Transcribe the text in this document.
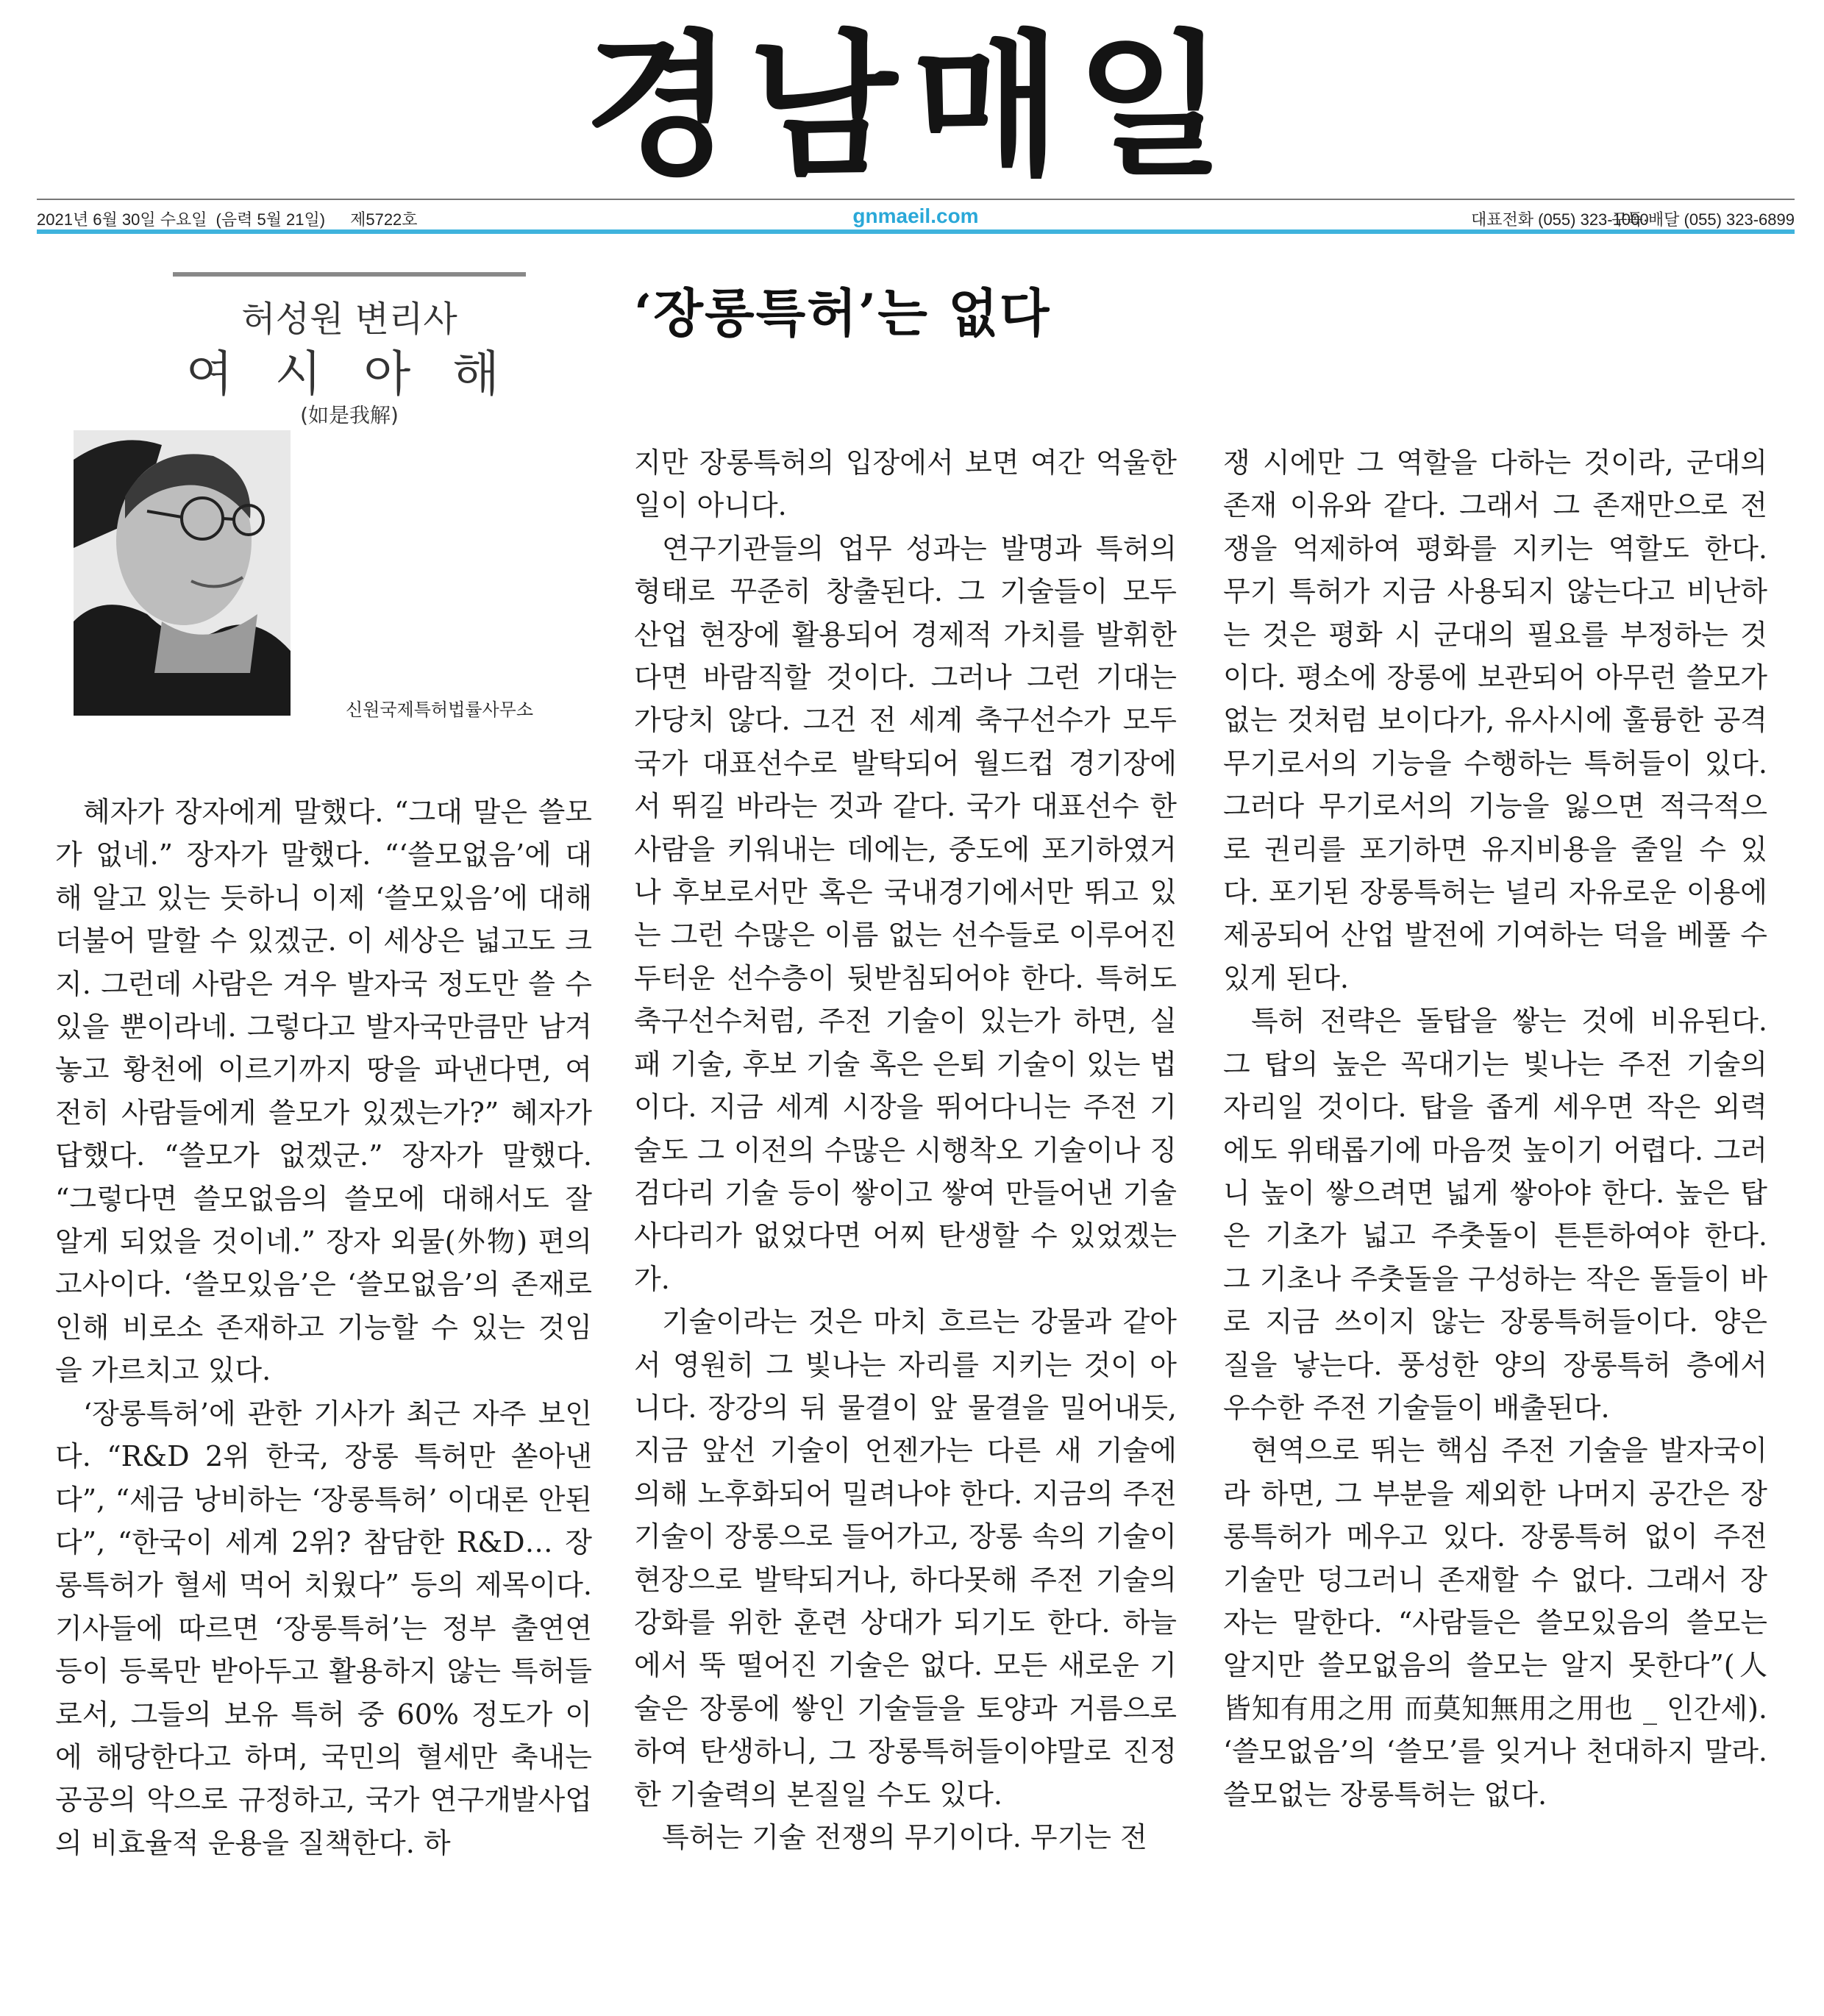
경남매일
2021년 6월 30일 수요일 (음력 5월 21일) 제5722호	gnmaeil.com	대표전화 (055) 323-1000
구독·배달 (055) 323-6899
허성원 변리사
여 시 아 해
(如是我解)
신원국제특허법률사무소
‘장롱특허’는 없다

혜자가 장자에게 말했다. “그대 말은 쓸모가 없네.” 장자가 말했다. “‘쓸모없음’에 대해 알고 있는 듯하니 이제 ‘쓸모있음’에 대해 더불어 말할 수 있겠군. 이 세상은 넓고도 크지. 그런데 사람은 겨우 발자국 정도만 쓸 수 있을 뿐이라네. 그렇다고 발자국만큼만 남겨놓고 황천에 이르기까지 땅을 파낸다면, 여전히 사람들에게 쓸모가 있겠는가?” 혜자가 답했다. “쓸모가 없겠군.” 장자가 말했다. “그렇다면 쓸모없음의 쓸모에 대해서도 잘 알게 되었을 것이네.” 장자 외물(外物) 편의 고사이다. ‘쓸모있음’은 ‘쓸모없음’의 존재로 인해 비로소 존재하고 기능할 수 있는 것임을 가르치고 있다.

‘장롱특허’에 관한 기사가 최근 자주 보인다. “R&D 2위 한국, 장롱 특허만 쏟아낸다”, “세금 낭비하는 ‘장롱특허’ 이대론 안된다”, “한국이 세계 2위? 참담한 R&D… 장롱특허가 혈세 먹어 치웠다” 등의 제목이다. 기사들에 따르면 ‘장롱특허’는 정부 출연연 등이 등록만 받아두고 활용하지 않는 특허들로서, 그들의 보유 특허 중 60% 정도가 이에 해당한다고 하며, 국민의 혈세만 축내는 공공의 악으로 규정하고, 국가 연구개발사업의 비효율적 운용을 질책한다. 하

지만 장롱특허의 입장에서 보면 여간 억울한 일이 아니다.

연구기관들의 업무 성과는 발명과 특허의 형태로 꾸준히 창출된다. 그 기술들이 모두 산업 현장에 활용되어 경제적 가치를 발휘한다면 바람직할 것이다. 그러나 그런 기대는 가당치 않다. 그건 전 세계 축구선수가 모두 국가 대표선수로 발탁되어 월드컵 경기장에서 뛰길 바라는 것과 같다. 국가 대표선수 한 사람을 키워내는 데에는, 중도에 포기하였거나 후보로서만 혹은 국내경기에서만 뛰고 있는 그런 수많은 이름 없는 선수들로 이루어진 두터운 선수층이 뒷받침되어야 한다. 특허도 축구선수처럼, 주전 기술이 있는가 하면, 실패 기술, 후보 기술 혹은 은퇴 기술이 있는 법이다. 지금 세계 시장을 뛰어다니는 주전 기술도 그 이전의 수많은 시행착오 기술이나 징검다리 기술 등이 쌓이고 쌓여 만들어낸 기술 사다리가 없었다면 어찌 탄생할 수 있었겠는가.

기술이라는 것은 마치 흐르는 강물과 같아서 영원히 그 빛나는 자리를 지키는 것이 아니다. 장강의 뒤 물결이 앞 물결을 밀어내듯, 지금 앞선 기술이 언젠가는 다른 새 기술에 의해 노후화되어 밀려나야 한다. 지금의 주전 기술이 장롱으로 들어가고, 장롱 속의 기술이 현장으로 발탁되거나, 하다못해 주전 기술의 강화를 위한 훈련 상대가 되기도 한다. 하늘에서 뚝 떨어진 기술은 없다. 모든 새로운 기술은 장롱에 쌓인 기술들을 토양과 거름으로 하여 탄생하니, 그 장롱특허들이야말로 진정한 기술력의 본질일 수도 있다.

특허는 기술 전쟁의 무기이다. 무기는 전

쟁 시에만 그 역할을 다하는 것이라, 군대의 존재 이유와 같다. 그래서 그 존재만으로 전쟁을 억제하여 평화를 지키는 역할도 한다. 무기 특허가 지금 사용되지 않는다고 비난하는 것은 평화 시 군대의 필요를 부정하는 것이다. 평소에 장롱에 보관되어 아무런 쓸모가 없는 것처럼 보이다가, 유사시에 훌륭한 공격 무기로서의 기능을 수행하는 특허들이 있다. 그러다 무기로서의 기능을 잃으면 적극적으로 권리를 포기하면 유지비용을 줄일 수 있다. 포기된 장롱특허는 널리 자유로운 이용에 제공되어 산업 발전에 기여하는 덕을 베풀 수 있게 된다.

특허 전략은 돌탑을 쌓는 것에 비유된다. 그 탑의 높은 꼭대기는 빛나는 주전 기술의 자리일 것이다. 탑을 좁게 세우면 작은 외력에도 위태롭기에 마음껏 높이기 어렵다. 그러니 높이 쌓으려면 넓게 쌓아야 한다. 높은 탑은 기초가 넓고 주춧돌이 튼튼하여야 한다. 그 기초나 주춧돌을 구성하는 작은 돌들이 바로 지금 쓰이지 않는 장롱특허들이다. 양은 질을 낳는다. 풍성한 양의 장롱특허 층에서 우수한 주전 기술들이 배출된다.

현역으로 뛰는 핵심 주전 기술을 발자국이라 하면, 그 부분을 제외한 나머지 공간은 장롱특허가 메우고 있다. 장롱특허 없이 주전 기술만 덩그러니 존재할 수 없다. 그래서 장자는 말한다. “사람들은 쓸모있음의 쓸모는 알지만 쓸모없음의 쓸모는 알지 못한다”(人皆知有用之用 而莫知無用之用也 _ 인간세). ‘쓸모없음’의 ‘쓸모’를 잊거나 천대하지 말라. 쓸모없는 장롱특허는 없다.
